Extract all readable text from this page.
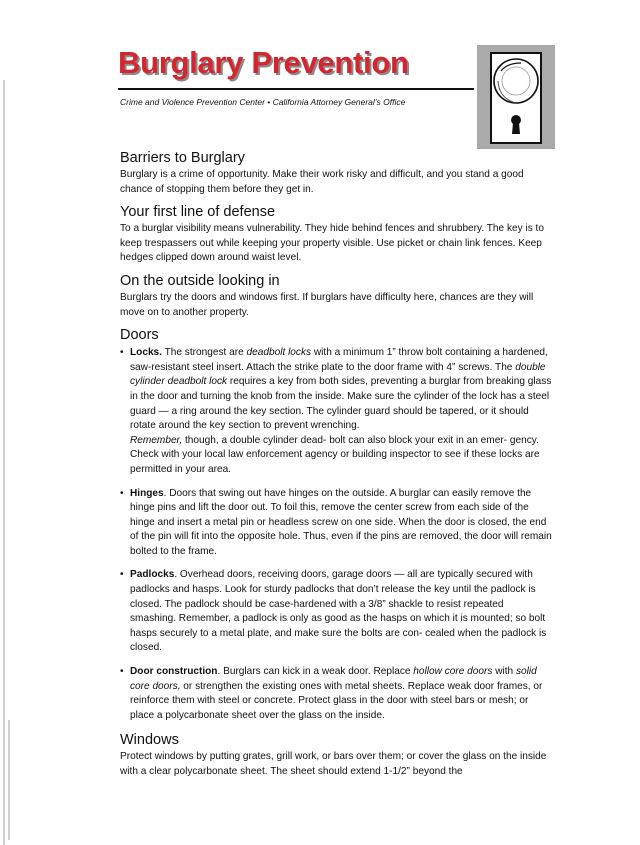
Burglary Prevention
Crime and Violence Prevention Center • California Attorney General’s Office
Barriers to Burglary

Burglary is a crime of opportunity. Make their work risky and difficult, and you stand a good chance of stopping them before they get in.

Your first line of defense

To a burglar visibility means vulnerability. They hide behind fences and shrubbery. The key is to keep trespassers out while keeping your property visible. Use picket or chain link fences. Keep hedges clipped down around waist level.

On the outside looking in

Burglars try the doors and windows first. If burglars have difficulty here, chances are they will move on to another property.

Doors
• Locks. The strongest are deadbolt locks with a minimum 1” throw bolt containing a hardened, saw-resistant steel insert. Attach the strike plate to the door frame with 4” screws. The double cylinder deadbolt lock requires a key from both sides, preventing a burglar from breaking glass in the door and turning the knob from the inside. Make sure the cylinder of the lock has a steel guard — a ring around the key section. The cylinder guard should be tapered, or it should rotate around the key section to prevent wrenching.

Remember, though, a double cylinder dead- bolt can also block your exit in an emer- gency. Check with your local law enforcement agency or building inspector to see if these locks are permitted in your area.

• Hinges. Doors that swing out have hinges on the outside. A burglar can easily remove the hinge pins and lift the door out. To foil this, remove the center screw from each side of the hinge and insert a metal pin or headless screw on one side. When the door is closed, the end of the pin will fit into the opposite hole. Thus, even if the pins are removed, the door will remain bolted to the frame.

• Padlocks. Overhead doors, receiving doors, garage doors — all are typically secured with padlocks and hasps. Look for sturdy padlocks that don’t release the key until the padlock is closed. The padlock should be case-hardened with a 3/8” shackle to resist repeated smashing. Remember, a padlock is only as good as the hasps on which it is mounted; so bolt hasps securely to a metal plate, and make sure the bolts are con- cealed when the padlock is closed.

• Door construction. Burglars can kick in a weak door. Replace hollow core doors with solid core doors, or strengthen the existing ones with metal sheets. Replace weak door frames, or reinforce them with steel or concrete. Protect glass in the door with steel bars or mesh; or place a polycarbonate sheet over the glass on the inside.

Windows

Protect windows by putting grates, grill work, or bars over them; or cover the glass on the inside with a clear polycarbonate sheet. The sheet should extend 1-1/2” beyond the
